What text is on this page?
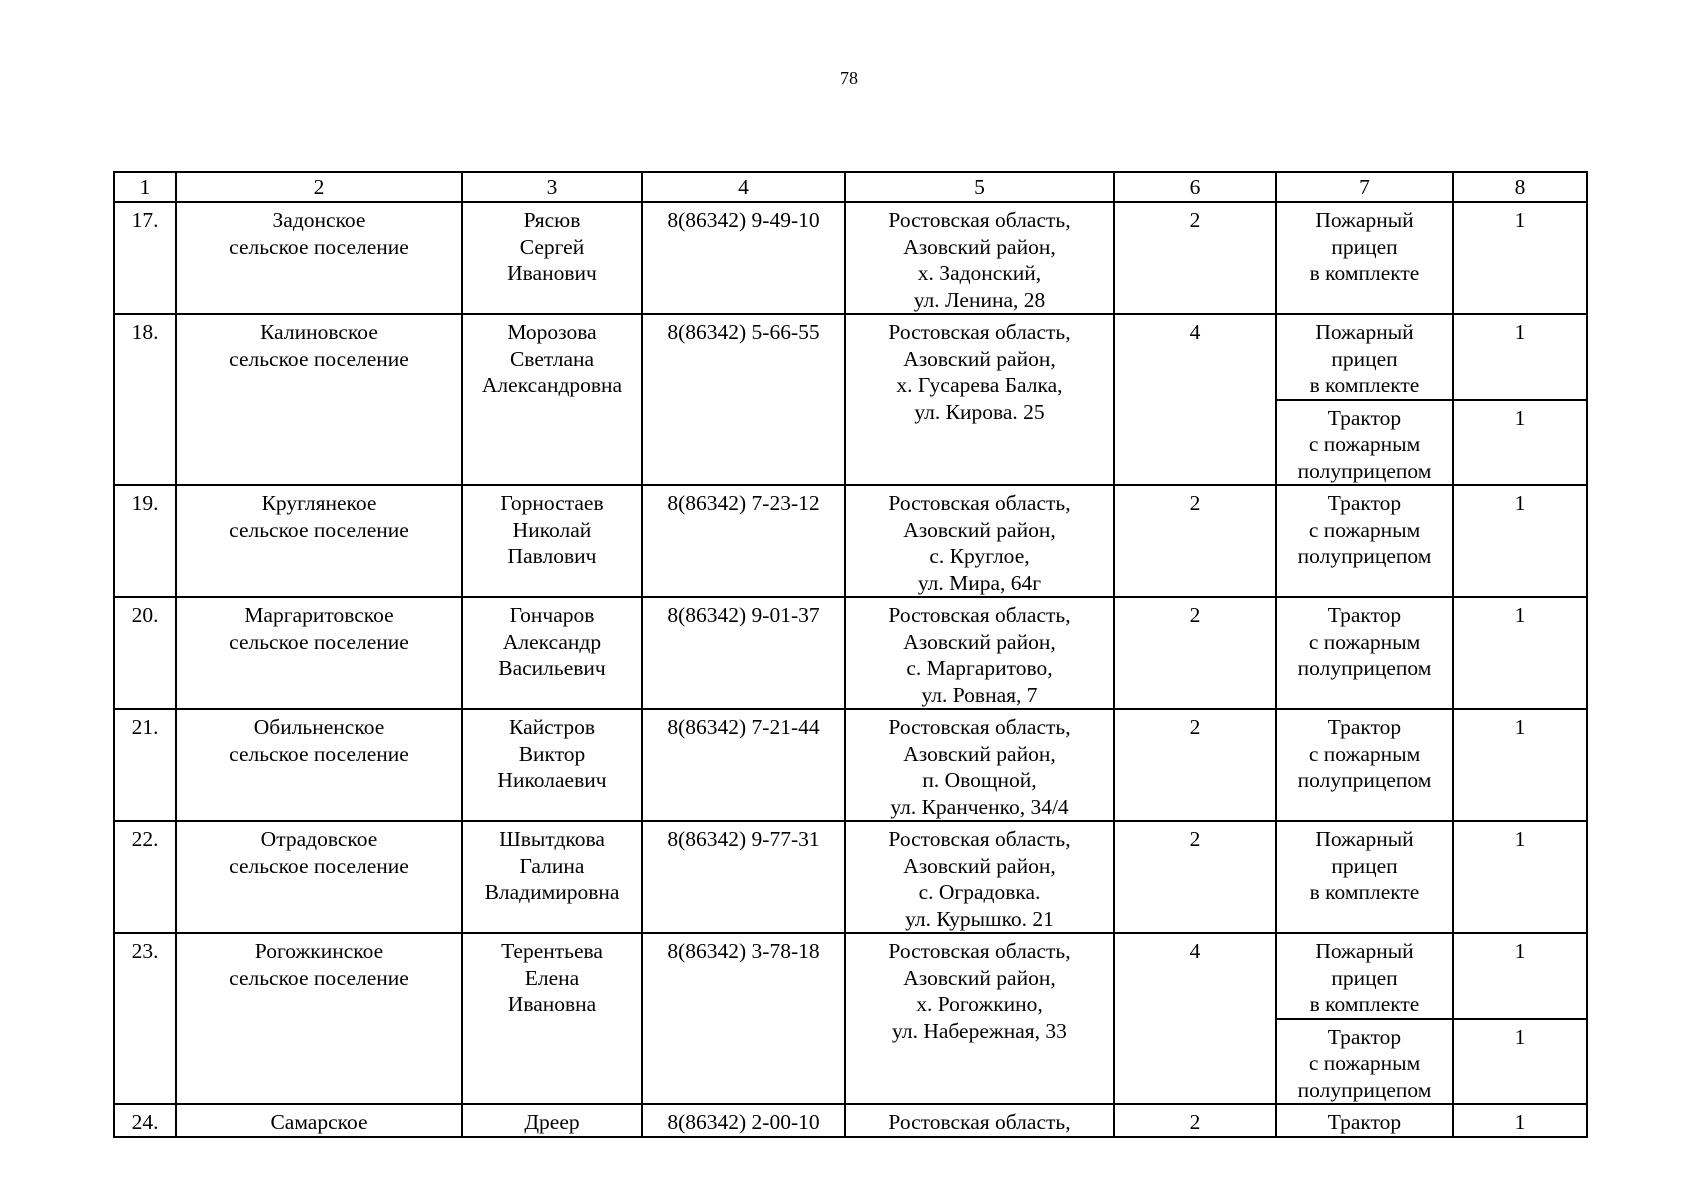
78
1	2	3	4	5	6	7	8
17.	Задонское
сельское поселение	Рясюв
Сергей
Иванович	8(86342) 9-49-10	Ростовская область,
Азовский район,
х. Задонский,
ул. Ленина, 28	2	Пожарный
прицеп
в комплекте	1
18.	Калиновское
сельское поселение	Морозова
Светлана
Александровна	8(86342) 5-66-55	Ростовская область,
Азовский район,
х. Гусарева Балка,
ул. Кирова. 25	4	Пожарный
прицеп
в комплекте	1

						Трактор
с пожарным
полуприцепом	1
19.	Круглянекое
сельское поселение	Горностаев
Николай
Павлович	8(86342) 7-23-12	Ростовская область,
Азовский район,
с. Круглое,
ул. Мира, 64г	2	Трактор
с пожарным
полуприцепом	1
20.	Маргаритовское
сельское поселение	Гончаров
Александр
Васильевич	8(86342) 9-01-37	Ростовская область,
Азовский район,
с. Маргаритово,
ул. Ровная, 7	2	Трактор
с пожарным
полуприцепом	1
21.	Обильненское
сельское поселение	Кайстров
Виктор
Николаевич	8(86342) 7-21-44	Ростовская область,
Азовский район,
п. Овощной,
ул. Кранченко, 34/4	2	Трактор
с пожарным
полуприцепом	1
22.	Отрадовское
сельское поселение	Швытдкова
Галина
Владимировна	8(86342) 9-77-31	Ростовская область,
Азовский район,
с. Оградовка.
ул. Курышко. 21	2	Пожарный
прицеп
в комплекте	1
23.	Рогожкинское
сельское поселение	Терентьева
Елена
Ивановна	8(86342) 3-78-18	Ростовская область,
Азовский район,
х. Рогожкино,
ул. Набережная, 33	4	Пожарный
прицеп
в комплекте	1

						Трактор
с пожарным
полуприцепом	1
24.	Самарское	Дреер	8(86342) 2-00-10	Ростовская область,	2	Трактор	1
